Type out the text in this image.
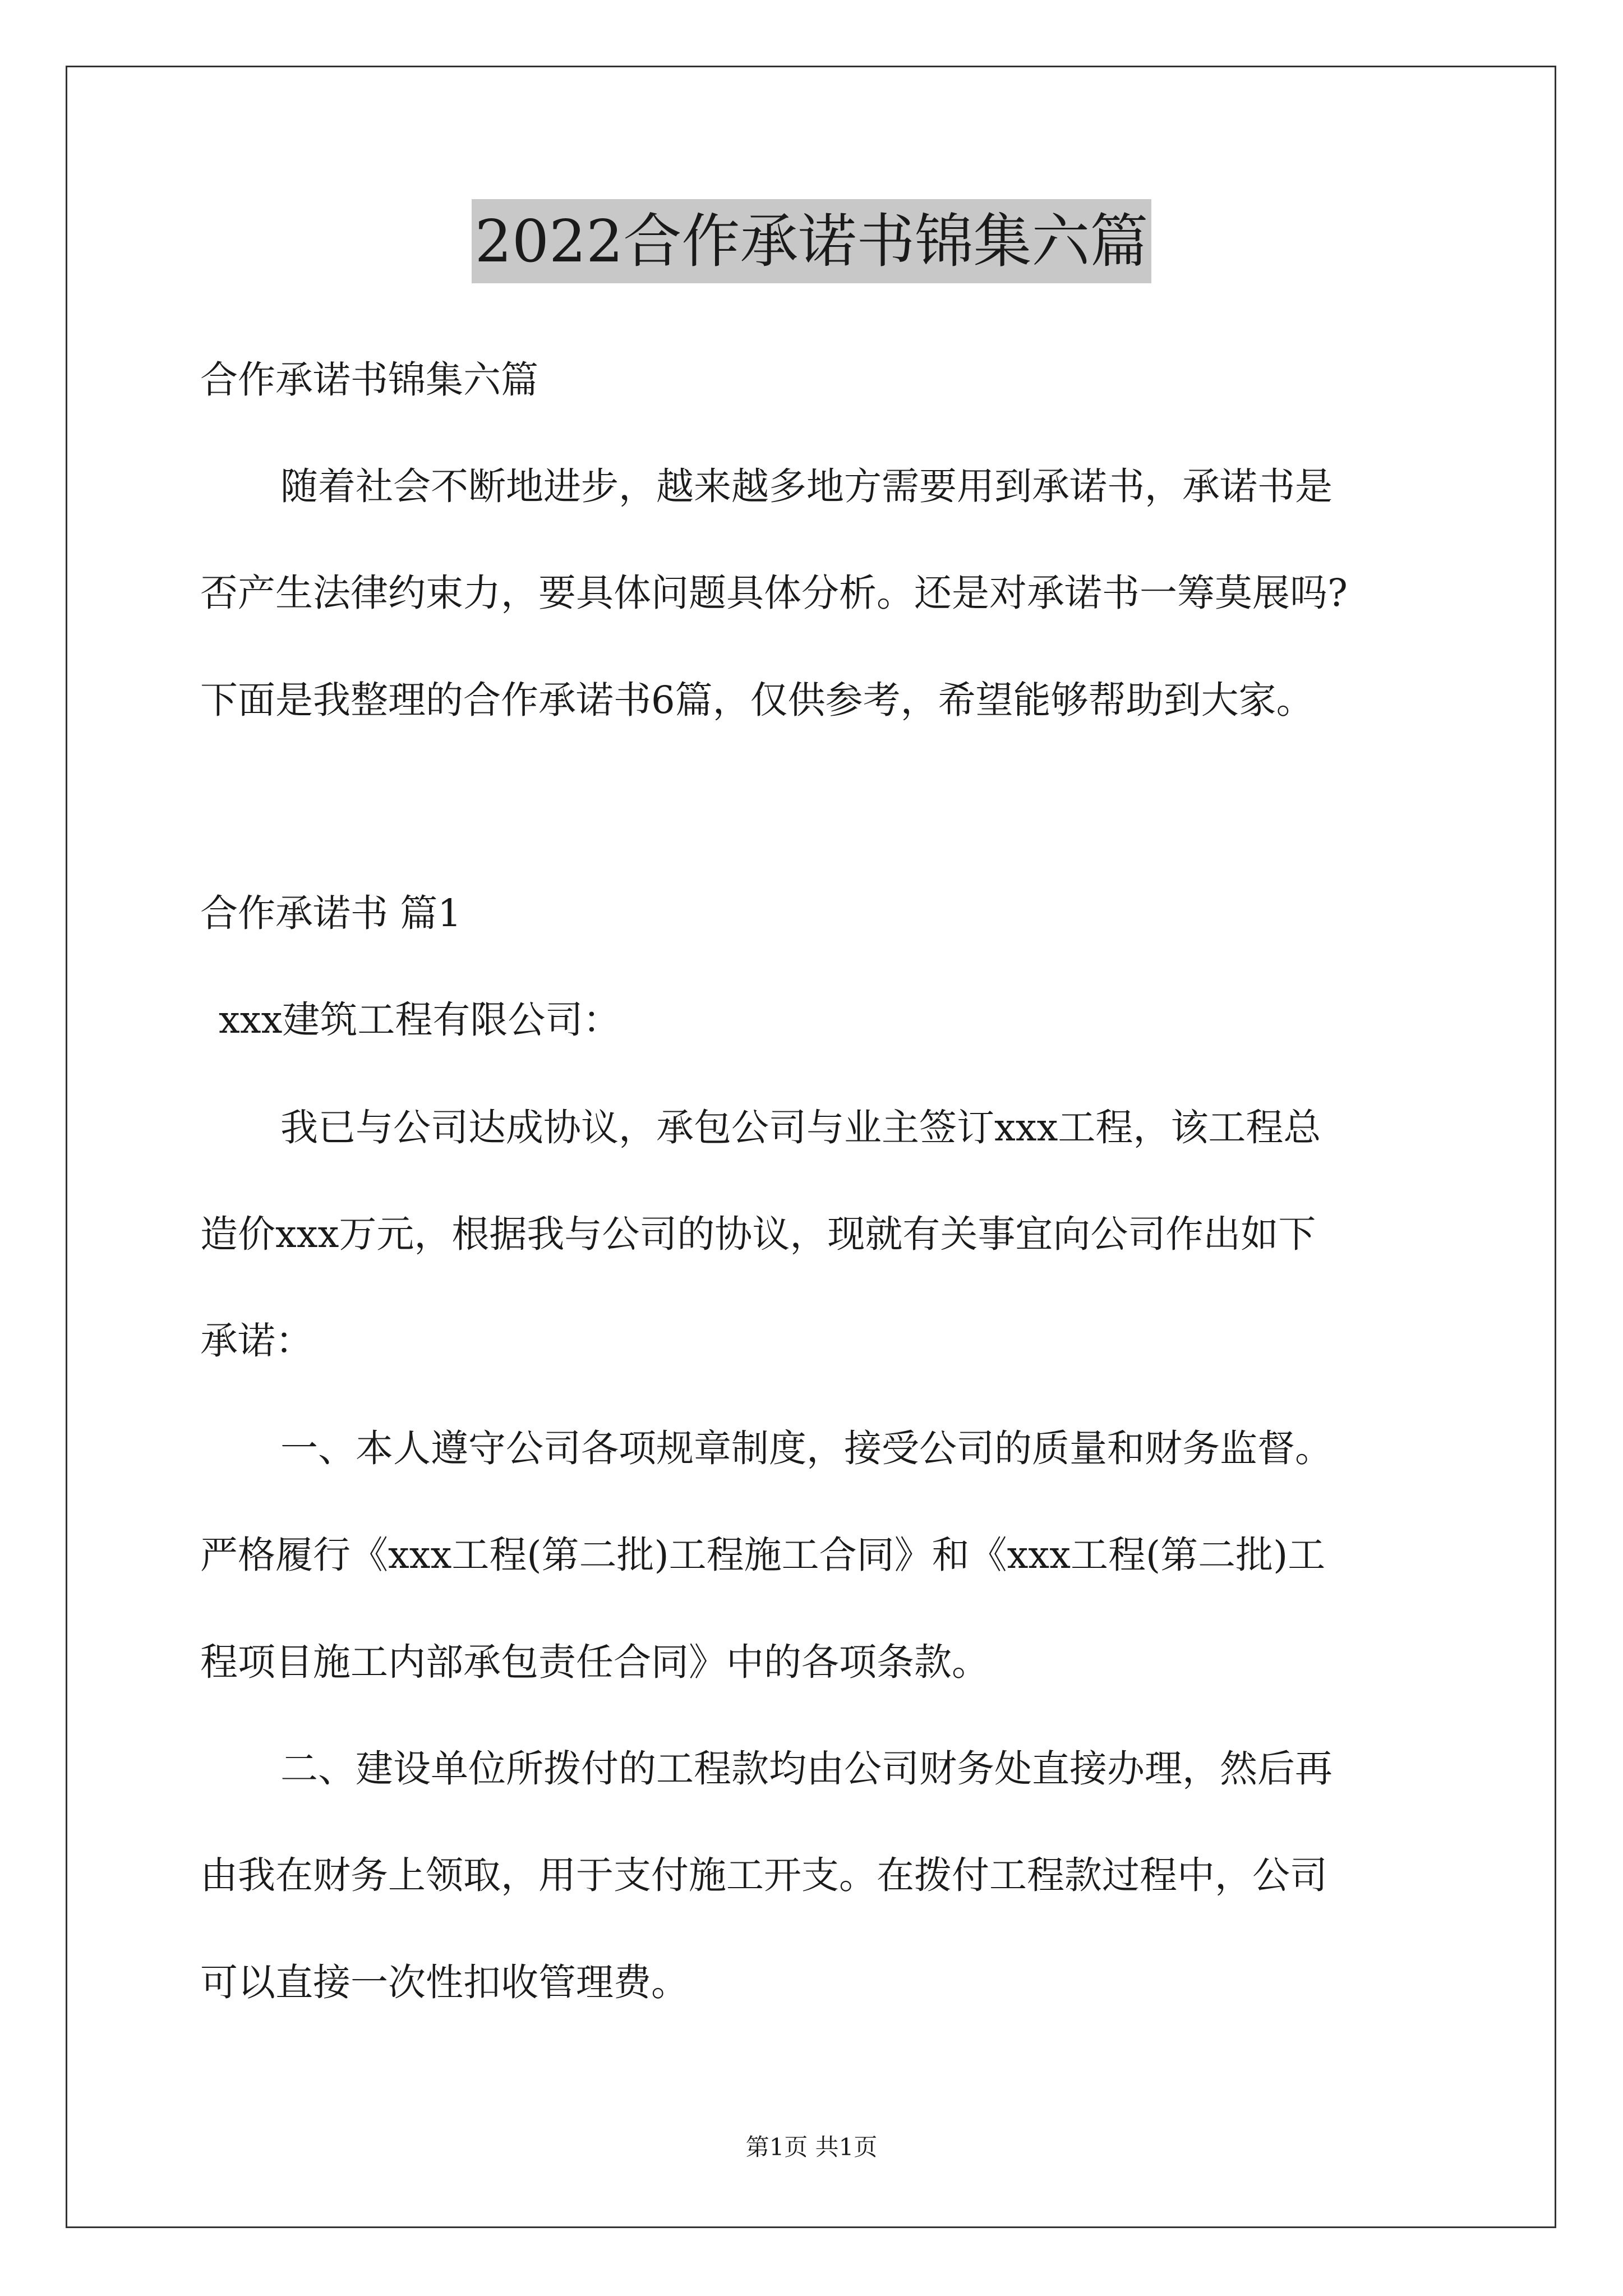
2022合作承诺书锦集六篇

合作承诺书锦集六篇

随着社会不断地进步，越来越多地方需要用到承诺书，承诺书是

否产生法律约束力，要具体问题具体分析。还是对承诺书一筹莫展吗?

下面是我整理的合作承诺书6篇，仅供参考，希望能够帮助到大家。

合作承诺书 篇1

xxx建筑工程有限公司：

我已与公司达成协议，承包公司与业主签订xxx工程，该工程总

造价xxx万元，根据我与公司的协议，现就有关事宜向公司作出如下

承诺：

一、本人遵守公司各项规章制度，接受公司的质量和财务监督。

严格履行《xxx工程(第二批)工程施工合同》和《xxx工程(第二批)工

程项目施工内部承包责任合同》中的各项条款。

二、建设单位所拨付的工程款均由公司财务处直接办理，然后再

由我在财务上领取，用于支付施工开支。在拨付工程款过程中，公司

可以直接一次性扣收管理费。

第1页 共1页
